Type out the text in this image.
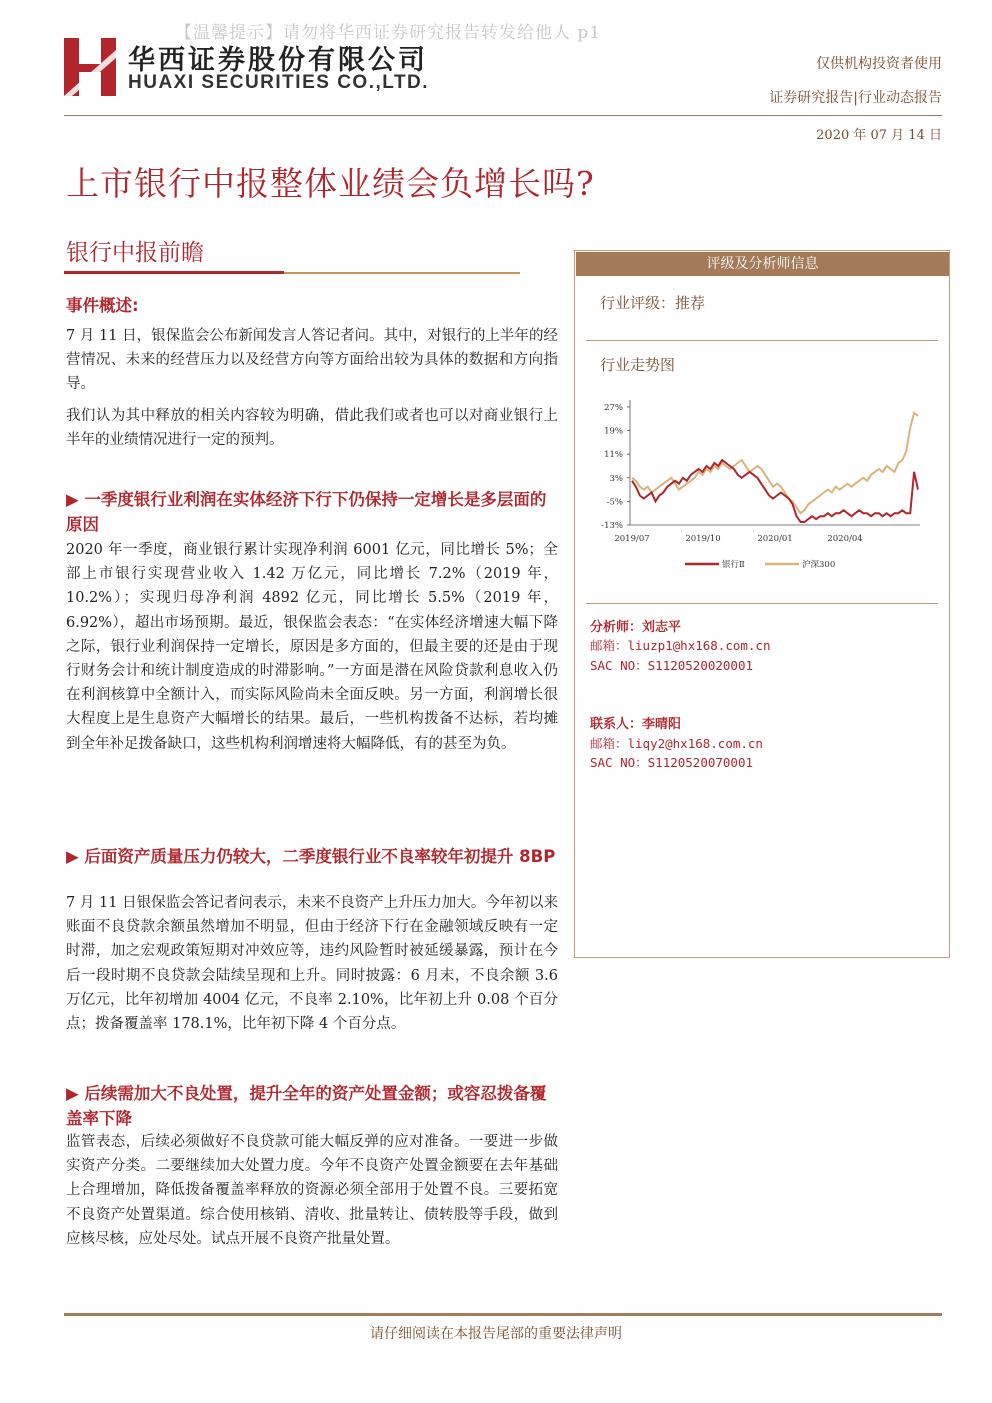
【温馨提示】请勿将华西证券研究报告转发给他人 p1
华西证券股份有限公司
HUAXI SECURITIES CO.,LTD.
仅供机构投资者使用
证券研究报告|行业动态报告
2020 年 07 月 14 日
上市银行中报整体业绩会负增长吗?
银行中报前瞻
事件概述:
7 月 11 日，银保监会公布新闻发言人答记者问。其中，对银行的上半年的经营情况、未来的经营压力以及经营方向等方面给出较为具体的数据和方向指导。
我们认为其中释放的相关内容较为明确，借此我们或者也可以对商业银行上半年的业绩情况进行一定的预判。
▶ 一季度银行业利润在实体经济下行下仍保持一定增长是多层面的原因
2020 年一季度，商业银行累计实现净利润 6001 亿元，同比增长 5%；全部上市银行实现营业收入 1.42 万亿元，同比增长 7.2%（2019 年，10.2%）；实现归母净利润 4892 亿元，同比增长 5.5%（2019 年，6.92%），超出市场预期。最近，银保监会表态：“在实体经济增速大幅下降之际，银行业利润保持一定增长，原因是多方面的，但最主要的还是由于现行财务会计和统计制度造成的时滞影响。”一方面是潜在风险贷款利息收入仍在利润核算中全额计入，而实际风险尚未全面反映。另一方面，利润增长很大程度上是生息资产大幅增长的结果。最后，一些机构拨备不达标，若均摊到全年补足拨备缺口，这些机构利润增速将大幅降低，有的甚至为负。
▶ 后面资产质量压力仍较大，二季度银行业不良率较年初提升 8BP
7 月 11 日银保监会答记者问表示，未来不良资产上升压力加大。今年初以来账面不良贷款余额虽然增加不明显，但由于经济下行在金融领域反映有一定时滞，加之宏观政策短期对冲效应等，违约风险暂时被延缓暴露，预计在今后一段时期不良贷款会陆续呈现和上升。同时披露：6 月末，不良余额 3.6 万亿元，比年初增加 4004 亿元，不良率 2.10%，比年初上升 0.08 个百分点；拨备覆盖率 178.1%，比年初下降 4 个百分点。
▶ 后续需加大不良处置，提升全年的资产处置金额；或容忍拨备覆盖率下降
监管表态，后续必须做好不良贷款可能大幅反弹的应对准备。一要进一步做实资产分类。二要继续加大处置力度。今年不良资产处置金额要在去年基础上合理增加，降低拨备覆盖率释放的资源必须全部用于处置不良。三要拓宽不良资产处置渠道。综合使用核销、清收、批量转让、债转股等手段，做到应核尽核，应处尽处。试点开展不良资产批量处置。
评级及分析师信息
行业评级：推荐
行业走势图
27%
19%
11%
3%
-5%
-13%
2019/07	2019/10	2020/01	2020/04
银行Ⅱ	沪深300
分析师：刘志平
邮箱：liuzp1@hx168.com.cn
SAC NO：S1120520020001
联系人：李晴阳
邮箱：liqy2@hx168.com.cn
SAC NO：S1120520070001
请仔细阅读在本报告尾部的重要法律声明
